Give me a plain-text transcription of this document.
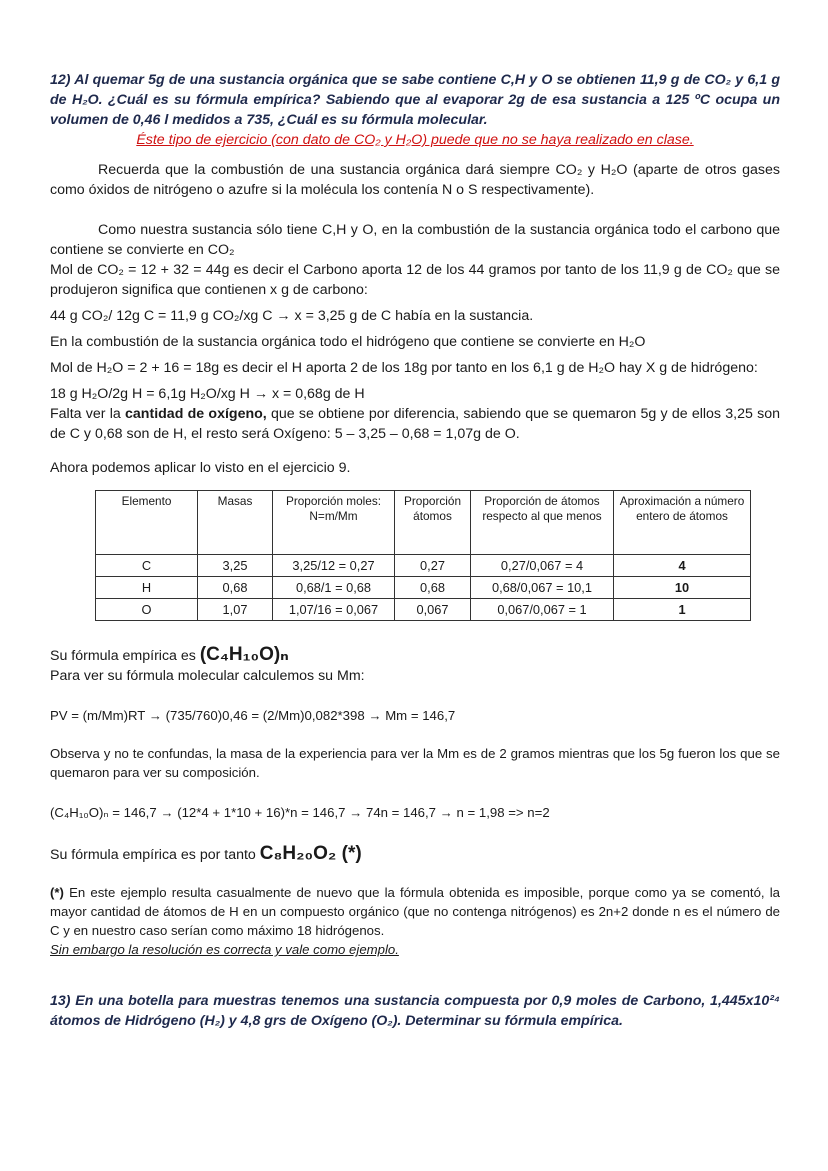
12) Al quemar 5g de una sustancia orgánica que se sabe contiene C,H y O se obtienen 11,9 g de CO₂ y 6,1 g de H₂O. ¿Cuál es su fórmula empírica? Sabiendo que al evaporar 2g de esa sustancia a 125 ºC ocupa un volumen de 0,46 l medidos a 735, ¿Cuál es su fórmula molecular.

Éste tipo de ejercicio (con dato de CO₂ y H₂O) puede que no se haya realizado en clase.

Recuerda que la combustión de una sustancia orgánica dará siempre CO₂ y H₂O (aparte de otros gases como óxidos de nitrógeno o azufre si la molécula los contenía N o S respectivamente).

Como nuestra sustancia sólo tiene C,H y O, en la combustión de la sustancia orgánica todo el carbono que contiene se convierte en CO₂

Mol de CO₂ = 12 + 32 = 44g es decir el Carbono aporta 12 de los 44 gramos por tanto de los 11,9 g de CO₂ que se produjeron significa que contienen x g de carbono:

44 g CO₂/ 12g C = 11,9 g CO₂/xg C → x = 3,25 g de C había en la sustancia.

En la combustión de la sustancia orgánica todo el hidrógeno que contiene se convierte en H₂O

Mol de H₂O = 2 + 16 = 18g es decir el H aporta 2 de los 18g por tanto en los 6,1 g de H₂O hay X g de hidrógeno:

18 g H₂O/2g H = 6,1g H₂O/xg H → x = 0,68g de H

Falta ver la cantidad de oxígeno, que se obtiene por diferencia, sabiendo que se quemaron 5g y de ellos 3,25 son de C y 0,68 son de H, el resto será Oxígeno: 5 – 3,25 – 0,68 = 1,07g de O.

Ahora podemos aplicar lo visto en el ejercicio 9.

Elemento	Masas	Proporción moles: N=m/Mm	Proporción átomos	Proporción de átomos respecto al que menos	Aproximación a número entero de átomos
C	3,25	3,25/12 = 0,27	0,27	0,27/0,067 = 4	4
H	0,68	0,68/1 = 0,68	0,68	0,68/0,067 = 10,1	10
O	1,07	1,07/16 = 0,067	0,067	0,067/0,067 = 1	1

Su fórmula empírica es (C₄H₁₀O)ₙ

Para ver su fórmula molecular calculemos su Mm:

PV = (m/Mm)RT → (735/760)0,46 = (2/Mm)0,082*398 → Mm = 146,7

Observa y no te confundas, la masa de la experiencia para ver la Mm es de 2 gramos mientras que los 5g fueron los que se quemaron para ver su composición.

(C₄H₁₀O)ₙ = 146,7 → (12*4 + 1*10 + 16)*n = 146,7 → 74n = 146,7 → n = 1,98 => n=2

Su fórmula empírica es por tanto C₈H₂₀O₂ (*)

(*) En este ejemplo resulta casualmente de nuevo que la fórmula obtenida es imposible, porque como ya se comentó, la mayor cantidad de átomos de H en un compuesto orgánico (que no contenga nitrógenos) es 2n+2 donde n es el número de C y en nuestro caso serían como máximo 18 hidrógenos.

Sin embargo la resolución es correcta y vale como ejemplo.

13) En una botella para muestras tenemos una sustancia compuesta por 0,9 moles de Carbono, 1,445x10²⁴ átomos de Hidrógeno (H₂) y 4,8 grs de Oxígeno (O₂). Determinar su fórmula empírica.
